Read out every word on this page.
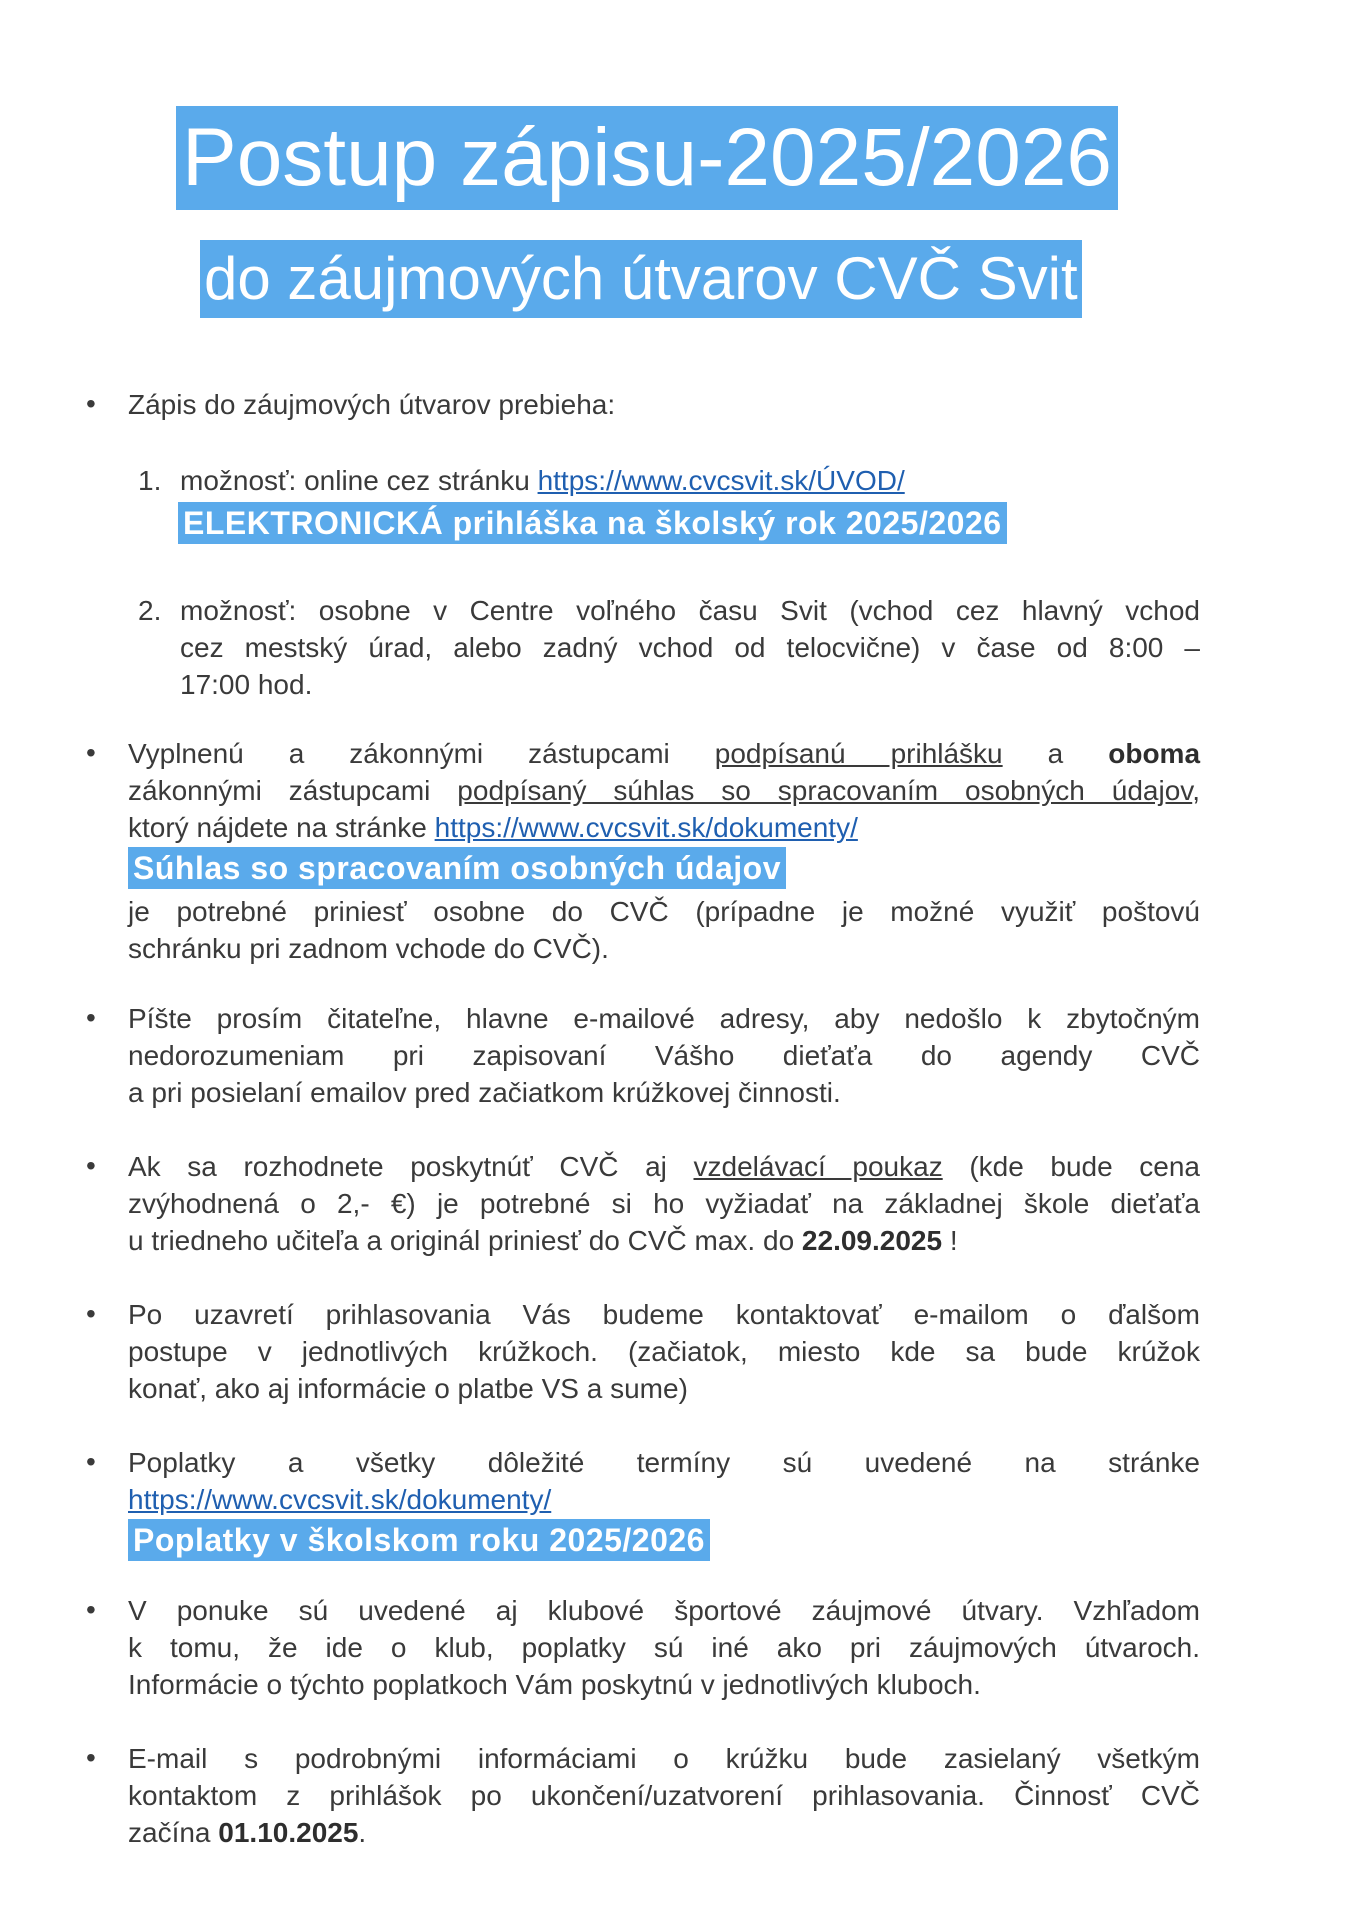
Postup zápisu-2025/2026
do záujmových útvarov CVČ Svit
• Zápis do záujmových útvarov prebieha:
1. možnosť: online cez stránku https://www.cvcsvit.sk/ÚVOD/
ELEKTRONICKÁ prihláška na školský rok 2025/2026
2. možnosť: osobne v Centre voľného času Svit (vchod cez hlavný vchod
cez mestský úrad, alebo zadný vchod od telocvične) v čase od 8:00 –
17:00 hod.
• Vyplnenú a zákonnými zástupcami podpísanú prihlášku a oboma
zákonnými zástupcami podpísaný súhlas so spracovaním osobných údajov,
ktorý nájdete na stránke https://www.cvcsvit.sk/dokumenty/
Súhlas so spracovaním osobných údajov
je potrebné priniesť osobne do CVČ (prípadne je možné využiť poštovú
schránku pri zadnom vchode do CVČ).
• Píšte prosím čitateľne, hlavne e-mailové adresy, aby nedošlo k zbytočným
nedorozumeniam pri zapisovaní Vášho dieťaťa do agendy CVČ
a pri posielaní emailov pred začiatkom krúžkovej činnosti.
• Ak sa rozhodnete poskytnúť CVČ aj vzdelávací poukaz (kde bude cena
zvýhodnená o 2,- €) je potrebné si ho vyžiadať na základnej škole dieťaťa
u triedneho učiteľa a originál priniesť do CVČ max. do 22.09.2025 !
• Po uzavretí prihlasovania Vás budeme kontaktovať e-mailom o ďalšom
postupe v jednotlivých krúžkoch. (začiatok, miesto kde sa bude krúžok
konať, ako aj informácie o platbe VS a sume)
• Poplatky a všetky dôležité termíny sú uvedené na stránke
https://www.cvcsvit.sk/dokumenty/
Poplatky v školskom roku 2025/2026
• V ponuke sú uvedené aj klubové športové záujmové útvary. Vzhľadom
k tomu, že ide o klub, poplatky sú iné ako pri záujmových útvaroch.
Informácie o týchto poplatkoch Vám poskytnú v jednotlivých kluboch.
• E-mail s podrobnými informáciami o krúžku bude zasielaný všetkým
kontaktom z prihlášok po ukončení/uzatvorení prihlasovania. Činnosť CVČ
začína 01.10.2025.
